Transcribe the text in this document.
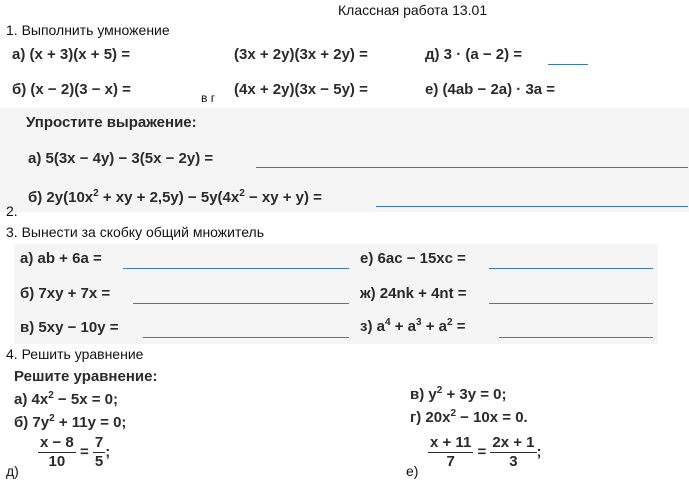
Классная работа 13.01
1. Выполнить умножение
а) (x + 3)(x + 5) =
б) (x − 2)(3 − x) =	в г
(3x + 2y)(3x + 2y) =
(4x + 2y)(3x − 5y) =
д) 3 · (a − 2) =
е) (4ab − 2a) · 3a =
Упростите выражение:
а) 5(3x − 4y) − 3(5x − 2y) =
б) $2y(10x^2$ + xy + $2,5y) - 5y(4x^2$ − xy + y) =
2.
3. Вынести за скобку общий множитель
а) ab + 6a =
б) 7xy + 7x =
в) 5xy − 10y =
е) 6ac − 15xc =
ж) 24nk + 4nt =
з) $a^4 + a^3 + a^2$ =
4. Решить уравнение
Решите уравнение:
а) $4x^2 - 5x = 0$;
б) $7y^2 + 11y = 0$;
в) $y^2 + 3y = 0$;
г) $20x^2 - 10x = 0$.
$\frac{x - 8}{10} = \frac{7}{5}$ ;
д)	$\frac{x + 11}{7} = \frac{2x + 1}{3}$ ;
е)
